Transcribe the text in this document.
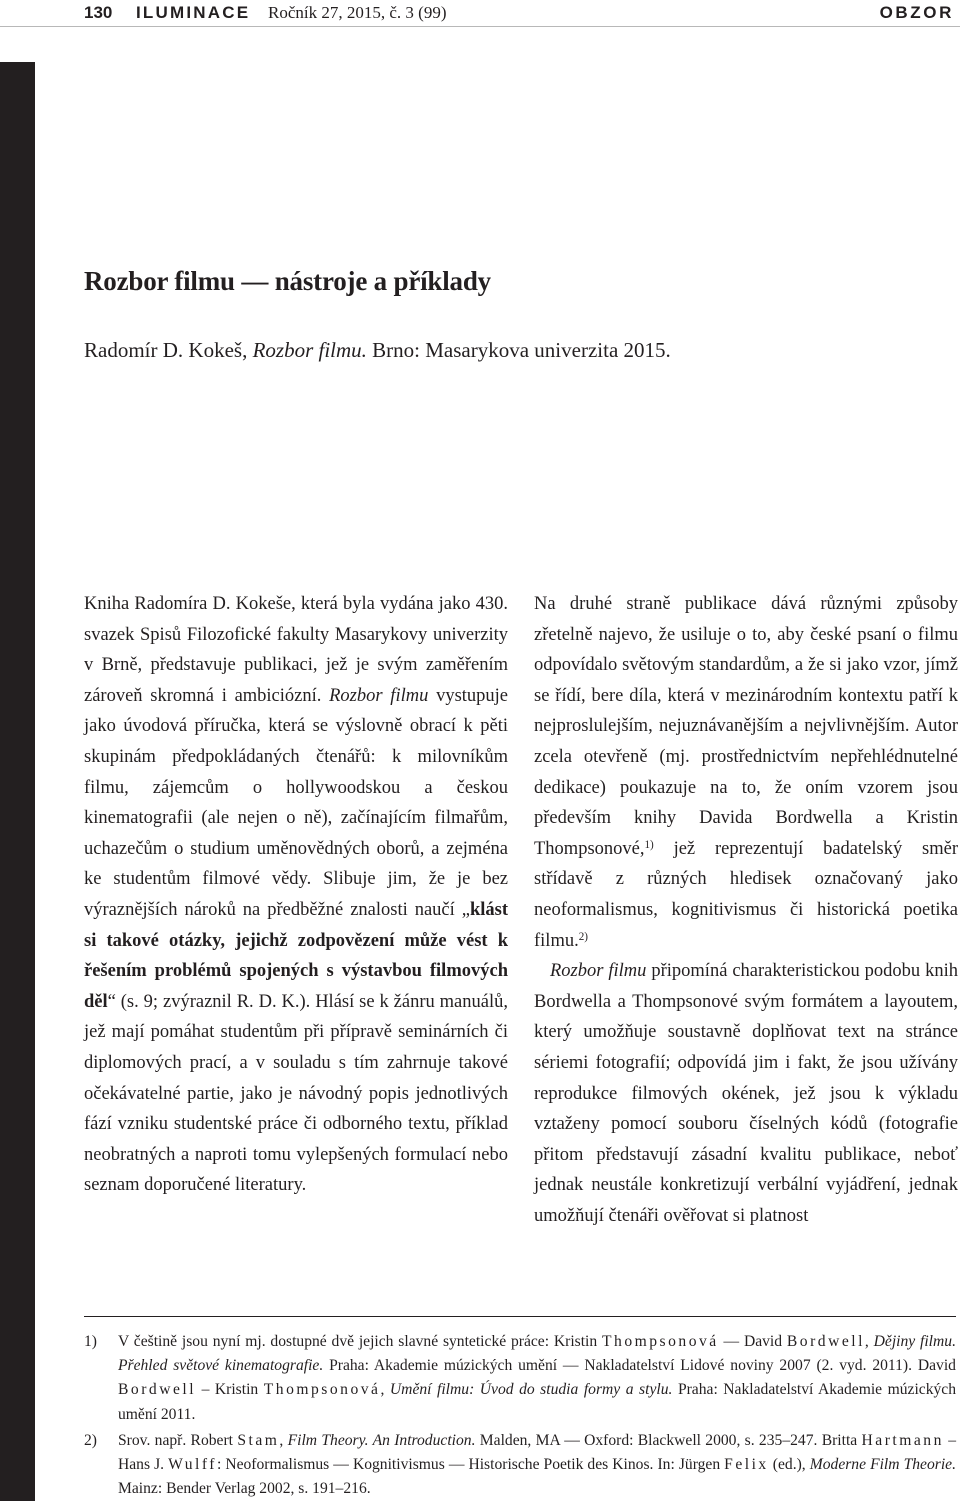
130 ILUMINACE Ročník 27, 2015, č. 3 (99)	OBZOR
Rozbor filmu — nástroje a příklady
Radomír D. Kokeš, Rozbor filmu. Brno: Masarykova univerzita 2015.

Kniha Radomíra D. Kokeše, která byla vydána jako 430. svazek Spisů Filozofické fakulty Masarykovy univerzity v Brně, představuje publikaci, jež je svým zaměřením zároveň skromná i ambiciózní. Rozbor filmu vystupuje jako úvodová příručka, která se výslovně obrací k pěti skupinám předpokládaných čtenářů: k milovníkům filmu, zájemcům o hollywoodskou a českou kinematografii (ale nejen o ně), začínajícím filmařům, uchazečům o studium uměnovědných oborů, a zejména ke studentům filmové vědy. Slibuje jim, že je bez výraznějších nároků na předběžné znalosti naučí „klást si takové otázky, jejichž zodpovězení může vést k řešením problémů spojených s výstavbou filmových děl“ (s. 9; zvýraznil R. D. K.). Hlásí se k žánru manuálů, jež mají pomáhat studentům při přípravě seminárních či diplomových prací, a v souladu s tím zahrnuje takové očekávatelné partie, jako je návodný popis jednotlivých fází vzniku studentské práce či odborného textu, příklad neobratných a naproti tomu vylepšených formulací nebo seznam doporučené literatury.

Na druhé straně publikace dává různými způsoby zřetelně najevo, že usiluje o to, aby české psaní o filmu odpovídalo světovým standardům, a že si jako vzor, jímž se řídí, bere díla, která v mezinárodním kontextu patří k nejproslulejším, nejuznávanějším a nejvlivnějším. Autor zcela otevřeně (mj. prostřednictvím nepřehlédnutelné dedikace) poukazuje na to, že oním vzorem jsou především knihy Davida Bordwella a Kristin Thompsonové,$^{1)}$ jež reprezentují badatelský směr střídavě z různých hledisek označovaný jako neoformalismus, kognitivismus či historická poetika filmu.$^{2)}$

Rozbor filmu připomíná charakteristickou podobu knih Bordwella a Thompsonové svým formátem a layoutem, který umožňuje soustavně doplňovat text na stránce sériemi fotografií; odpovídá jim i fakt, že jsou užívány reprodukce filmových okének, jež jsou k výkladu vztaženy pomocí souboru číselných kódů (fotografie přitom představují zásadní kvalitu publikace, neboť jednak neustále konkretizují verbální vyjádření, jednak umožňují čtenáři ověřovat si platnost

1) V češtině jsou nyní mj. dostupné dvě jejich slavné syntetické práce: Kristin Thompsonová — David Bordwell, Dějiny filmu. Přehled světové kinematografie. Praha: Akademie múzických umění — Nakladatelství Lidové noviny 2007 (2. vyd. 2011). David Bordwell – Kristin Thompsonová, Umění filmu: Úvod do studia formy a stylu. Praha: Nakladatelství Akademie múzických umění 2011.

2) Srov. např. Robert Stam, Film Theory. An Introduction. Malden, MA — Oxford: Blackwell 2000, s. 235–247. Britta Hartmann – Hans J. Wulff: Neoformalismus — Kognitivismus — Historische Poetik des Kinos. In: Jürgen Felix (ed.), Moderne Film Theorie. Mainz: Bender Verlag 2002, s. 191–216.
